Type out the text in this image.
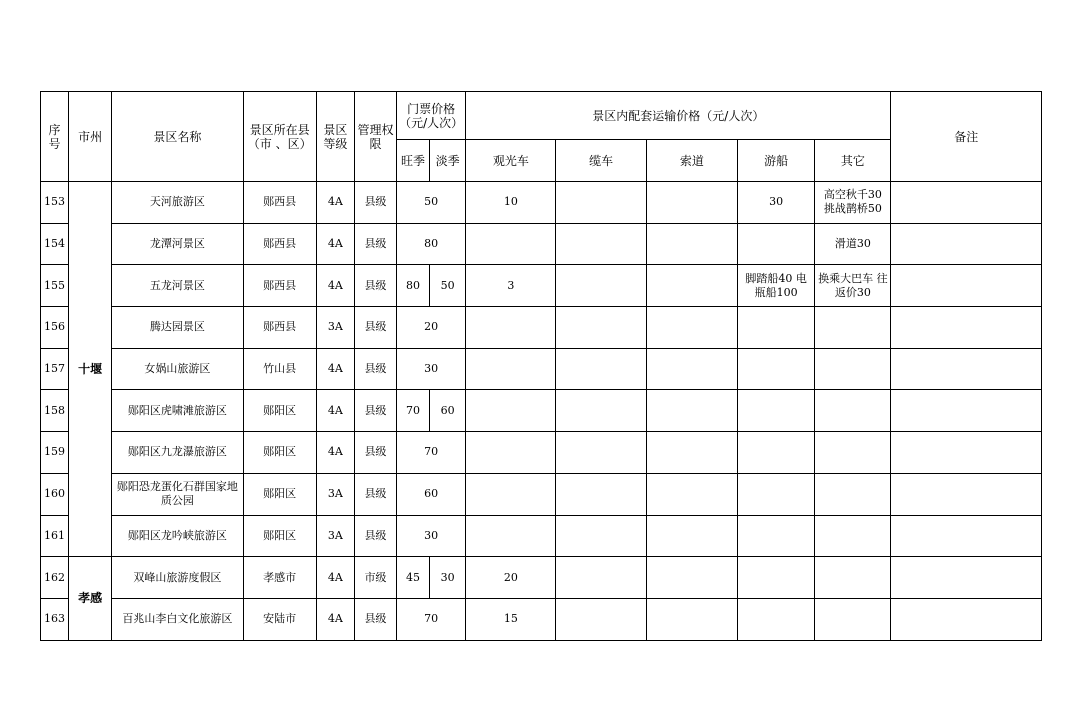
序号	市州	景区名称	景区所在县（市 、区）	景区等级	管理权限	门票价格（元/人次）		景区内配套运输价格（元/人次）					备注
						旺季	淡季	观光车	缆车	索道	游船	其它	
153	十堰	天河旅游区	郧西县	4A	县级	50		10			30	高空秋千30 挑战鹊桥50	
154		龙潭河景区	郧西县	4A	县级	80						滑道30	
155		五龙河景区	郧西县	4A	县级	80	50	3			脚踏船40 电瓶船100	换乘大巴车 往返价30	
156		腾达园景区	郧西县	3A	县级	20							
157		女娲山旅游区	竹山县	4A	县级	30							
158		郧阳区虎啸滩旅游区	郧阳区	4A	县级	70	60						
159		郧阳区九龙瀑旅游区	郧阳区	4A	县级	70							
160		郧阳恐龙蛋化石群国家地质公园	郧阳区	3A	县级	60							
161		郧阳区龙吟峡旅游区	郧阳区	3A	县级	30							
162	孝感	双峰山旅游度假区	孝感市	4A	市级	45	30	20					
163		百兆山李白文化旅游区	安陆市	4A	县级	70		15					
